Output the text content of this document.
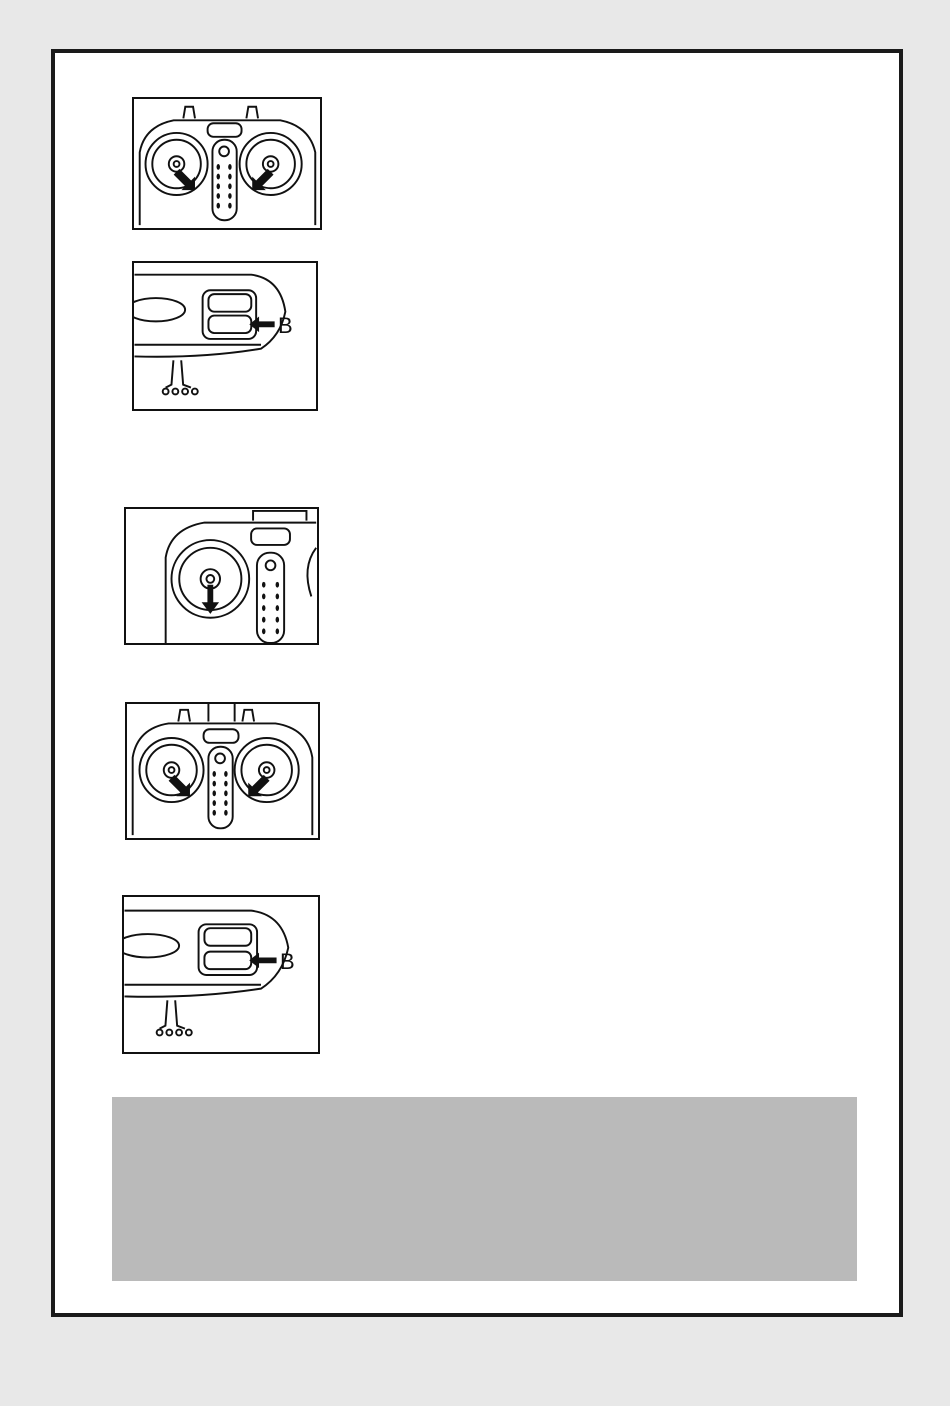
B
B
